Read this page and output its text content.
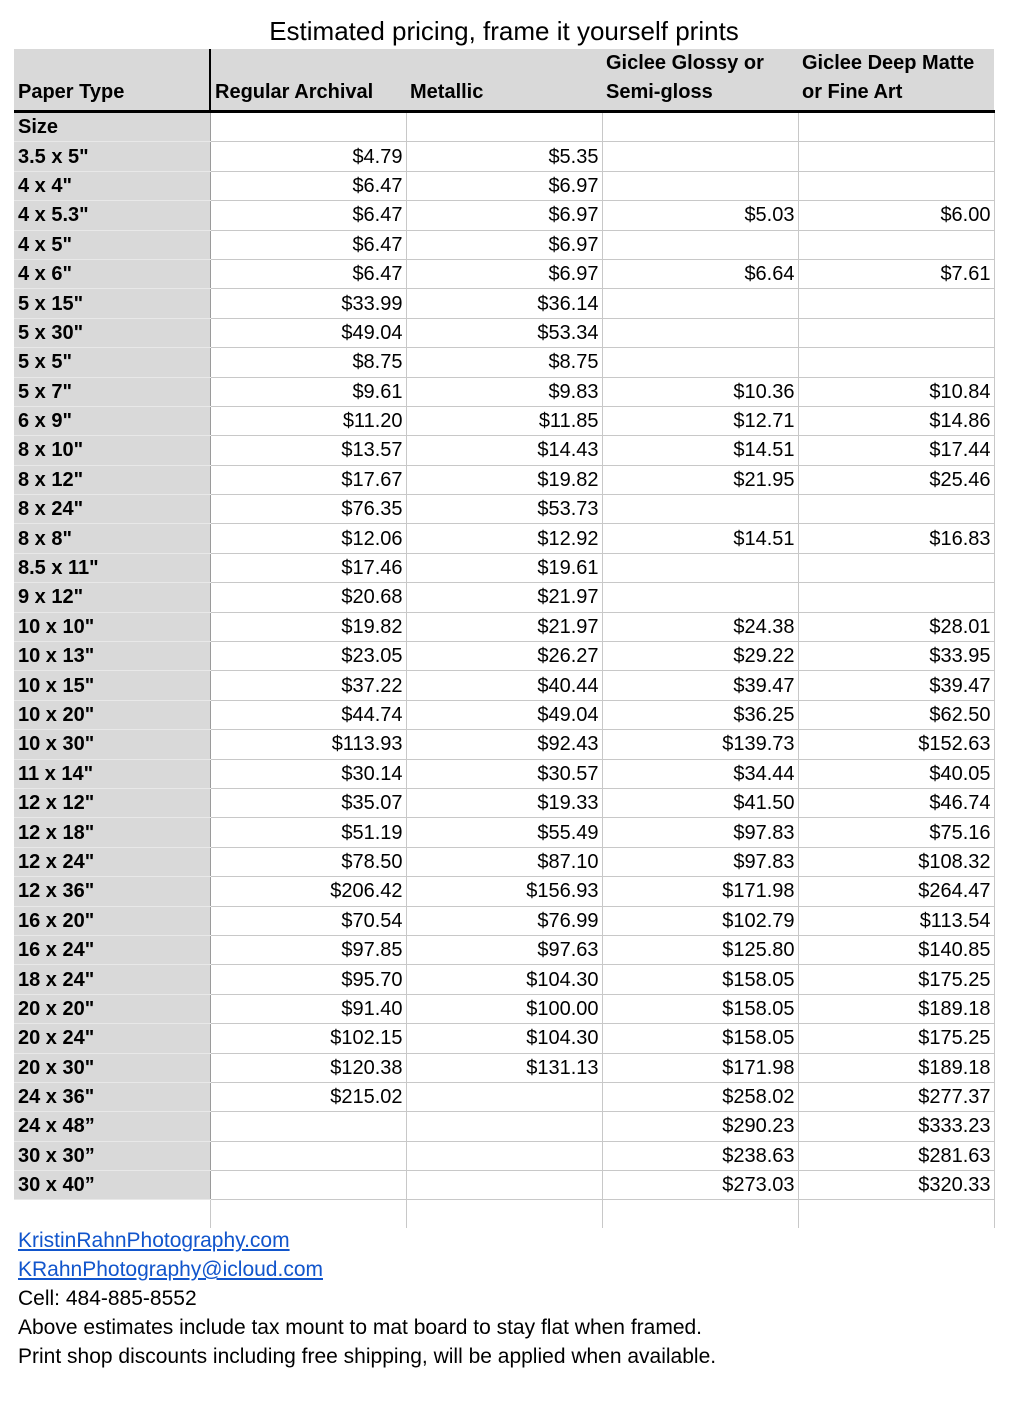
Estimated pricing, frame it yourself prints
Paper Type	Regular Archival	Metallic	Giclee Glossy or Semi-gloss	Giclee Deep Matte or Fine Art
Size				
3.5 x 5"	$4.79	$5.35		
4 x 4"	$6.47	$6.97		
4 x 5.3"	$6.47	$6.97	$5.03	$6.00
4 x 5"	$6.47	$6.97		
4 x 6"	$6.47	$6.97	$6.64	$7.61
5 x 15"	$33.99	$36.14		
5 x 30"	$49.04	$53.34		
5 x 5"	$8.75	$8.75		
5 x 7"	$9.61	$9.83	$10.36	$10.84
6 x 9"	$11.20	$11.85	$12.71	$14.86
8 x 10"	$13.57	$14.43	$14.51	$17.44
8 x 12"	$17.67	$19.82	$21.95	$25.46
8 x 24"	$76.35	$53.73		
8 x 8"	$12.06	$12.92	$14.51	$16.83
8.5 x 11"	$17.46	$19.61		
9 x 12"	$20.68	$21.97		
10 x 10"	$19.82	$21.97	$24.38	$28.01
10 x 13"	$23.05	$26.27	$29.22	$33.95
10 x 15"	$37.22	$40.44	$39.47	$39.47
10 x 20"	$44.74	$49.04	$36.25	$62.50
10 x 30"	$113.93	$92.43	$139.73	$152.63
11 x 14"	$30.14	$30.57	$34.44	$40.05
12 x 12"	$35.07	$19.33	$41.50	$46.74
12 x 18"	$51.19	$55.49	$97.83	$75.16
12 x 24"	$78.50	$87.10	$97.83	$108.32
12 x 36"	$206.42	$156.93	$171.98	$264.47
16 x 20"	$70.54	$76.99	$102.79	$113.54
16 x 24"	$97.85	$97.63	$125.80	$140.85
18 x 24"	$95.70	$104.30	$158.05	$175.25
20 x 20"	$91.40	$100.00	$158.05	$189.18
20 x 24"	$102.15	$104.30	$158.05	$175.25
20 x 30"	$120.38	$131.13	$171.98	$189.18
24 x 36"	$215.02		$258.02	$277.37
24 x 48”			$290.23	$333.23
30 x 30”			$238.63	$281.63
30 x 40”			$273.03	$320.33

KristinRahnPhotography.com
KRahnPhotography@icloud.com
Cell: 484-885-8552
Above estimates include tax mount to mat board to stay flat when framed.
Print shop discounts including free shipping, will be applied when available.
